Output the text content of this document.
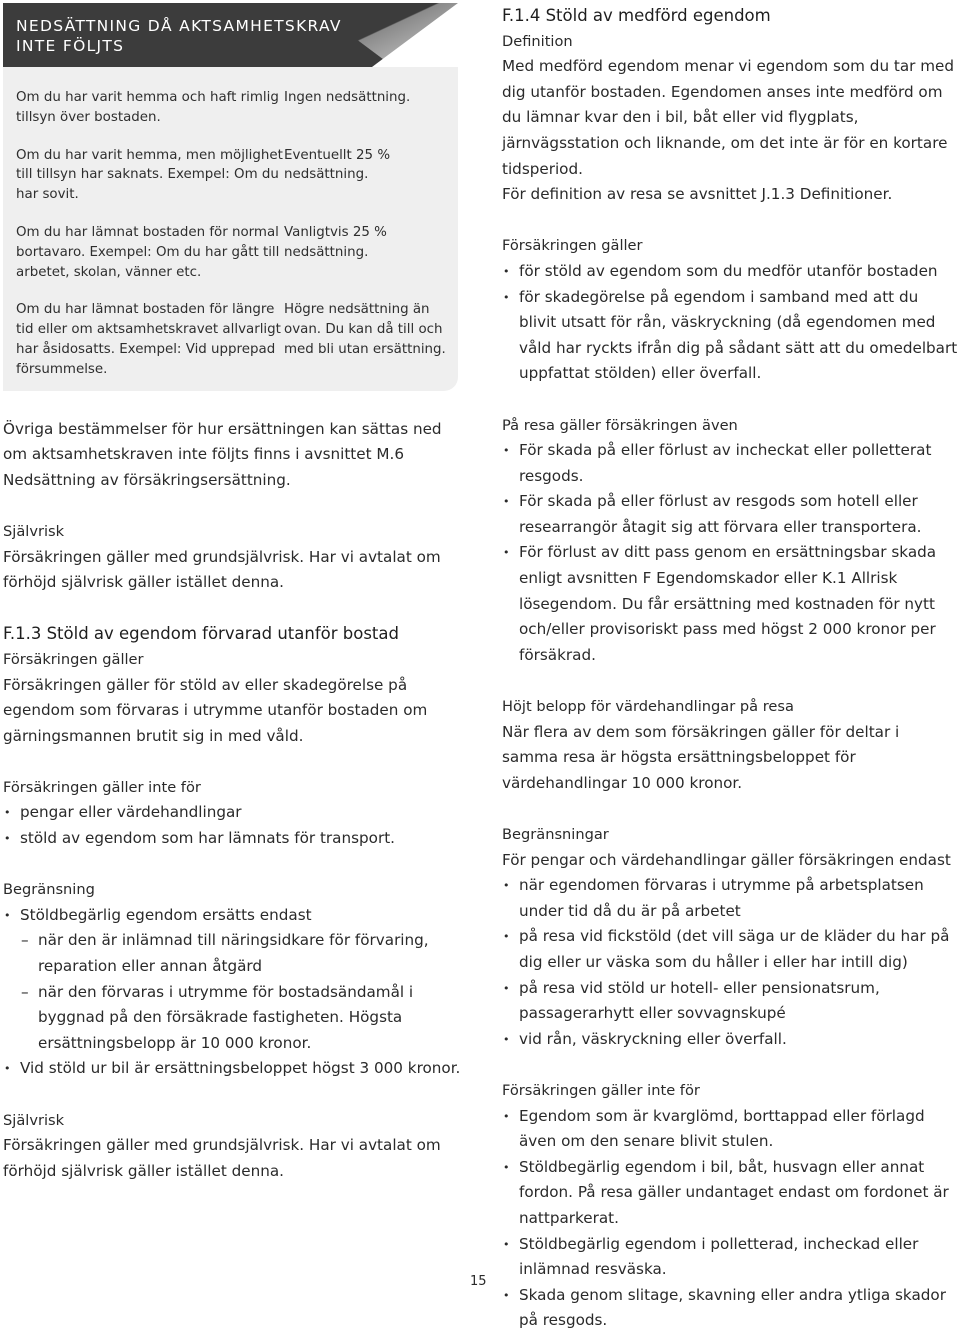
NEDSÄTTNING DÅ AKTSAMHETSKRAV
INTE FÖLJTS
Om du har varit hemma och haft rimlig tillsyn över bostaden.
Ingen nedsättning.
Om du har varit hemma, men möjlighet till tillsyn har saknats. Exempel: Om du har sovit.
Eventuellt 25 % nedsättning.
Om du har lämnat bostaden för normal bortavaro. Exempel: Om du har gått till arbetet, skolan, vänner etc.
Vanligtvis 25 % nedsättning.
Om du har lämnat bostaden för längre tid eller om aktsamhetskravet allvarligt har åsidosatts. Exempel: Vid upprepad försummelse.
Högre nedsättning än ovan. Du kan då till och med bli utan ersättning.

Övriga bestämmelser för hur ersättningen kan sättas ned om aktsamhetskraven inte följts finns i avsnittet M.6 Nedsättning av försäkringsersättning.

Självrisk

Försäkringen gäller med grundsjälvrisk. Har vi avtalat om förhöjd självrisk gäller istället denna.

F.1.3 Stöld av egendom förvarad utanför bostad

Försäkringen gäller

Försäkringen gäller för stöld av eller skadegörelse på egendom som förvaras i utrymme utanför bostaden om gärningsmannen brutit sig in med våld.

Försäkringen gäller inte för

• pengar eller värdehandlingar
• stöld av egendom som har lämnats för transport.

Begränsning

• Stöldbegärlig egendom ersätts endast
– när den är inlämnad till näringsidkare för förvaring, reparation eller annan åtgärd
– när den förvaras i utrymme för bostadsändamål i byggnad på den försäkrade fastigheten. Högsta ersättningsbelopp är 10 000 kronor.
• Vid stöld ur bil är ersättningsbeloppet högst 3 000 kronor.

Självrisk

Försäkringen gäller med grundsjälvrisk. Har vi avtalat om förhöjd självrisk gäller istället denna.

F.1.4 Stöld av medförd egendom

Definition

Med medförd egendom menar vi egendom som du tar med dig utanför bostaden. Egendomen anses inte medförd om du lämnar kvar den i bil, båt eller vid flygplats, järnvägsstation och liknande, om det inte är för en kortare tidsperiod.

För definition av resa se avsnittet J.1.3 Definitioner.

Försäkringen gäller

• för stöld av egendom som du medför utanför bostaden
• för skadegörelse på egendom i samband med att du blivit utsatt för rån, väskryckning (då egendomen med våld har ryckts ifrån dig på sådant sätt att du omedelbart uppfattat stölden) eller överfall.

På resa gäller försäkringen även

• För skada på eller förlust av incheckat eller polletterat resgods.
• För skada på eller förlust av resgods som hotell eller researrangör åtagit sig att förvara eller transportera.
• För förlust av ditt pass genom en ersättningsbar skada enligt avsnitten F Egendomskador eller K.1 Allrisk lösegendom. Du får ersättning med kostnaden för nytt och/eller provisoriskt pass med högst 2 000 kronor per försäkrad.

Höjt belopp för värdehandlingar på resa

När flera av dem som försäkringen gäller för deltar i samma resa är högsta ersättningsbeloppet för värdehandlingar 10 000 kronor.

Begränsningar

För pengar och värdehandlingar gäller försäkringen endast

• när egendomen förvaras i utrymme på arbetsplatsen under tid då du är på arbetet
• på resa vid fickstöld (det vill säga ur de kläder du har på dig eller ur väska som du håller i eller har intill dig)
• på resa vid stöld ur hotell- eller pensionatsrum, passagerarhytt eller sovvagnskupé
• vid rån, väskryckning eller överfall.

Försäkringen gäller inte för

• Egendom som är kvarglömd, borttappad eller förlagd även om den senare blivit stulen.
• Stöldbegärlig egendom i bil, båt, husvagn eller annat fordon. På resa gäller undantaget endast om fordonet är nattparkerat.
• Stöldbegärlig egendom i polletterad, incheckad eller inlämnad resväska.
• Skada genom slitage, skavning eller andra ytliga skador på resgods.
15
